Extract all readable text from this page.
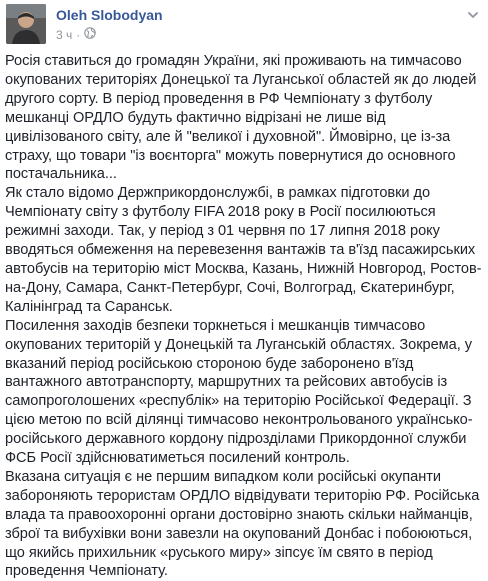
Oleh Slobodyan
3 ч ·

Росія ставиться до громадян України, які проживають на тимчасово окупованих територіях Донецької та Луганської областей як до людей другого сорту. В період проведення в РФ Чемпіонату з футболу мешканці ОРДЛО будуть фактично відрізані не лише від цивілізованого світу, але й "великої і духовной". Ймовірно, це із-за страху, що товари "із воєнторга" можуть повернутися до основного постачальника...

Як стало відомо Держприкордонслужбі, в рамках підготовки до Чемпіонату світу з футболу FIFA 2018 року в Росії посилюються режимні заходи. Так, у період з 01 червня по 17 липня 2018 року вводяться обмеження на перевезення вантажів та в'їзд пасажирських автобусів на територію міст Москва, Казань, Нижній Новгород, Ростов-на-Дону, Самара, Санкт-Петербург, Сочі, Волгоград, Єкатеринбург, Калінінград та Саранськ.

Посилення заходів безпеки торкнеться і мешканців тимчасово окупованих територій у Донецькій та Луганській областях. Зокрема, у вказаний період російською стороною буде заборонено в'їзд вантажного автотранспорту, маршрутних та рейсових автобусів із самопроголошених «республік» на територію Російської Федерації. З цією метою по всій ділянці тимчасово неконтрольованого українсько-російського державного кордону підрозділами Прикордонної служби ФСБ Росії здійснюватиметься посилений контроль.

Вказана ситуація є не першим випадком коли російські окупанти забороняють терористам ОРДЛО відвідувати територію РФ. Російська влада та правоохоронні органи достовірно знають скільки найманців, зброї та вибухівки вони завезли на окупований Донбас і побоюються, що якийсь прихильник «руського миру» зіпсує їм свято в період проведення Чемпіонату.
